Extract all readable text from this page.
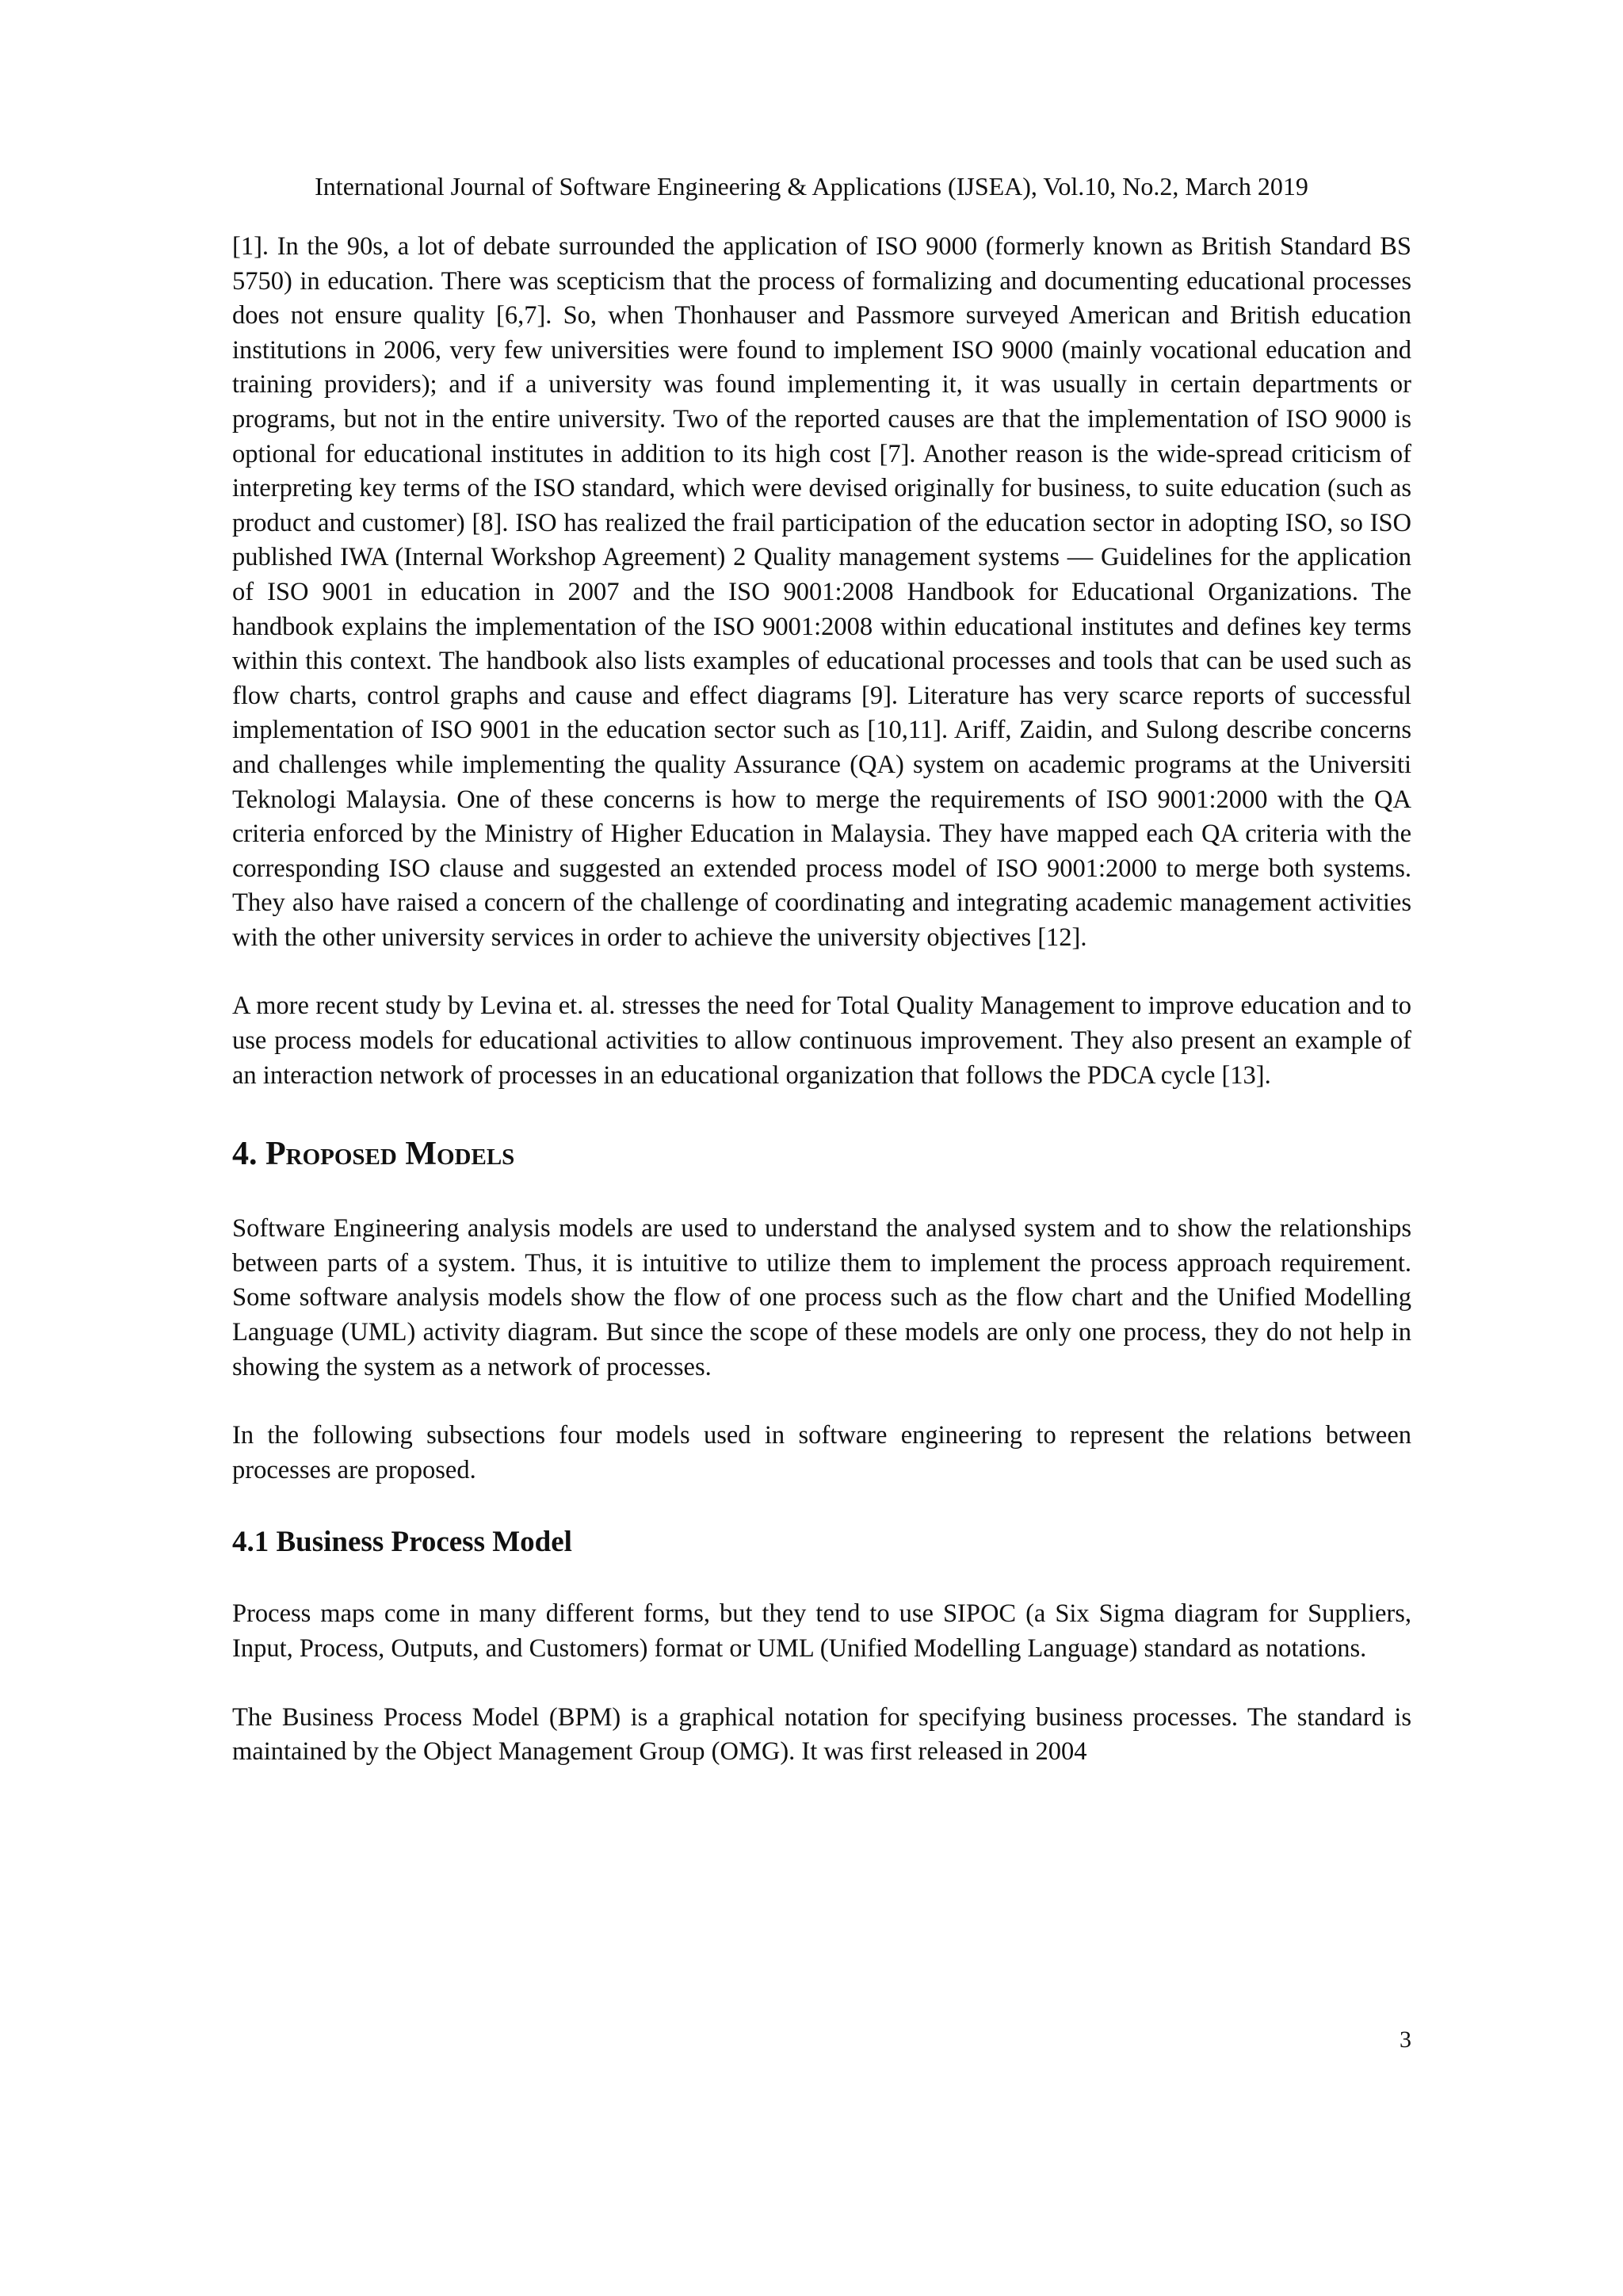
International Journal of Software Engineering & Applications (IJSEA), Vol.10, No.2, March 2019

[1]. In the 90s, a lot of debate surrounded the application of ISO 9000 (formerly known as British Standard BS 5750) in education. There was scepticism that the process of formalizing and documenting educational processes does not ensure quality [6,7]. So, when Thonhauser and Passmore surveyed American and British education institutions in 2006, very few universities were found to implement ISO 9000 (mainly vocational education and training providers); and if a university was found implementing it, it was usually in certain departments or programs, but not in the entire university. Two of the reported causes are that the implementation of ISO 9000 is optional for educational institutes in addition to its high cost [7]. Another reason is the wide-spread criticism of interpreting key terms of the ISO standard, which were devised originally for business, to suite education (such as product and customer) [8]. ISO has realized the frail participation of the education sector in adopting ISO, so ISO published IWA (Internal Workshop Agreement) 2 Quality management systems — Guidelines for the application of ISO 9001 in education in 2007 and the ISO 9001:2008 Handbook for Educational Organizations. The handbook explains the implementation of the ISO 9001:2008 within educational institutes and defines key terms within this context. The handbook also lists examples of educational processes and tools that can be used such as flow charts, control graphs and cause and effect diagrams [9]. Literature has very scarce reports of successful implementation of ISO 9001 in the education sector such as [10,11]. Ariff, Zaidin, and Sulong describe concerns and challenges while implementing the quality Assurance (QA) system on academic programs at the Universiti Teknologi Malaysia. One of these concerns is how to merge the requirements of ISO 9001:2000 with the QA criteria enforced by the Ministry of Higher Education in Malaysia. They have mapped each QA criteria with the corresponding ISO clause and suggested an extended process model of ISO 9001:2000 to merge both systems. They also have raised a concern of the challenge of coordinating and integrating academic management activities with the other university services in order to achieve the university objectives [12].

A more recent study by Levina et. al. stresses the need for Total Quality Management to improve education and to use process models for educational activities to allow continuous improvement. They also present an example of an interaction network of processes in an educational organization that follows the PDCA cycle [13].

4. Proposed Models

Software Engineering analysis models are used to understand the analysed system and to show the relationships between parts of a system. Thus, it is intuitive to utilize them to implement the process approach requirement. Some software analysis models show the flow of one process such as the flow chart and the Unified Modelling Language (UML) activity diagram. But since the scope of these models are only one process, they do not help in showing the system as a network of processes.

In the following subsections four models used in software engineering to represent the relations between processes are proposed.

4.1 Business Process Model

Process maps come in many different forms, but they tend to use SIPOC (a Six Sigma diagram for Suppliers, Input, Process, Outputs, and Customers) format or UML (Unified Modelling Language) standard as notations.

The Business Process Model (BPM) is a graphical notation for specifying business processes. The standard is maintained by the Object Management Group (OMG). It was first released in 2004

3
